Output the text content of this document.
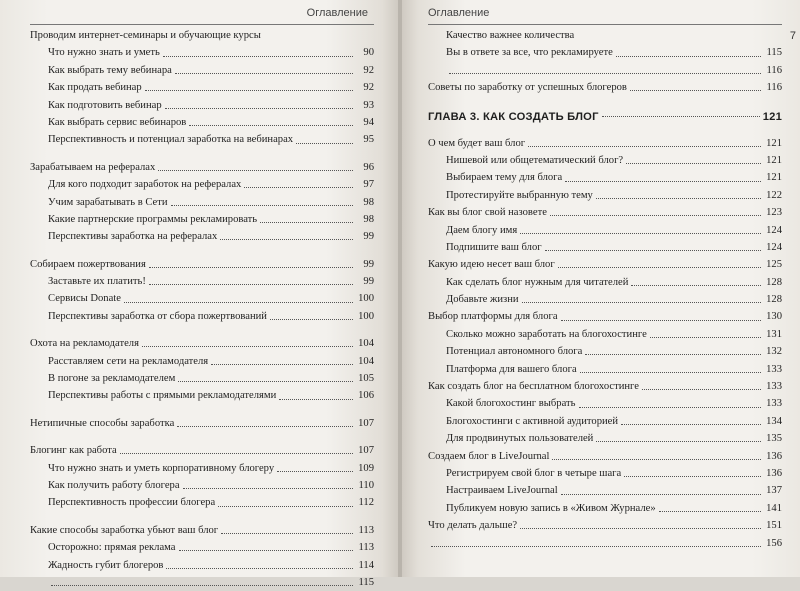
Оглавление
Проводим интернет-семинары и обучающие курсы
Что нужно знать и уметь	90
Как выбрать тему вебинара	92
Как продать вебинар	92
Как подготовить вебинар	93
Как выбрать сервис вебинаров	94
Перспективность и потенциал заработка на вебинарах	95
Зарабатываем на рефералах	96
Для кого подходит заработок на рефералах	97
Учим зарабатывать в Сети	98
Какие партнерские программы рекламировать	98
Перспективы заработка на рефералах	99
Собираем пожертвования	99
Заставьте их платить!	99
Сервисы Donate	100
Перспективы заработка от сбора пожертвований	100
Охота на рекламодателя	104
Расставляем сети на рекламодателя	104
В погоне за рекламодателем	105
Перспективы работы с прямыми рекламодателями	106
Нетипичные способы заработка	107
Блогинг как работа	107
Что нужно знать и уметь корпоративному блогеру	109
Как получить работу блогера	110
Перспективность профессии блогера	112
Какие способы заработка убьют ваш блог	113
Осторожно: прямая реклама	113
Жадность губит блогеров	114
115
Оглавление
7
Качество важнее количества
Вы в ответе за все, что рекламируете	115
116
Советы по заработку от успешных блогеров	116
ГЛАВА 3. КАК СОЗДАТЬ БЛОГ	121
О чем будет ваш блог	121
Нишевой или общетематический блог?	121
Выбираем тему для блога	121
Протестируйте выбранную тему	122
Как вы блог свой назовете	123
Даем блогу имя	124
Подпишите ваш блог	124
Какую идею несет ваш блог	125
Как сделать блог нужным для читателей	128
Добавьте жизни	128
Выбор платформы для блога	130
Сколько можно заработать на блогохостинге	131
Потенциал автономного блога	132
Платформа для вашего блога	133
Как создать блог на бесплатном блогохостинге	133
Какой блогохостинг выбрать	133
Блогохостинги с активной аудиторией	134
Для продвинутых пользователей	135
Создаем блог в LiveJournal	136
Регистрируем свой блог в четыре шага	136
Настраиваем LiveJournal	137
Публикуем новую запись в «Живом Журнале»	141
Что делать дальше?	151
156
